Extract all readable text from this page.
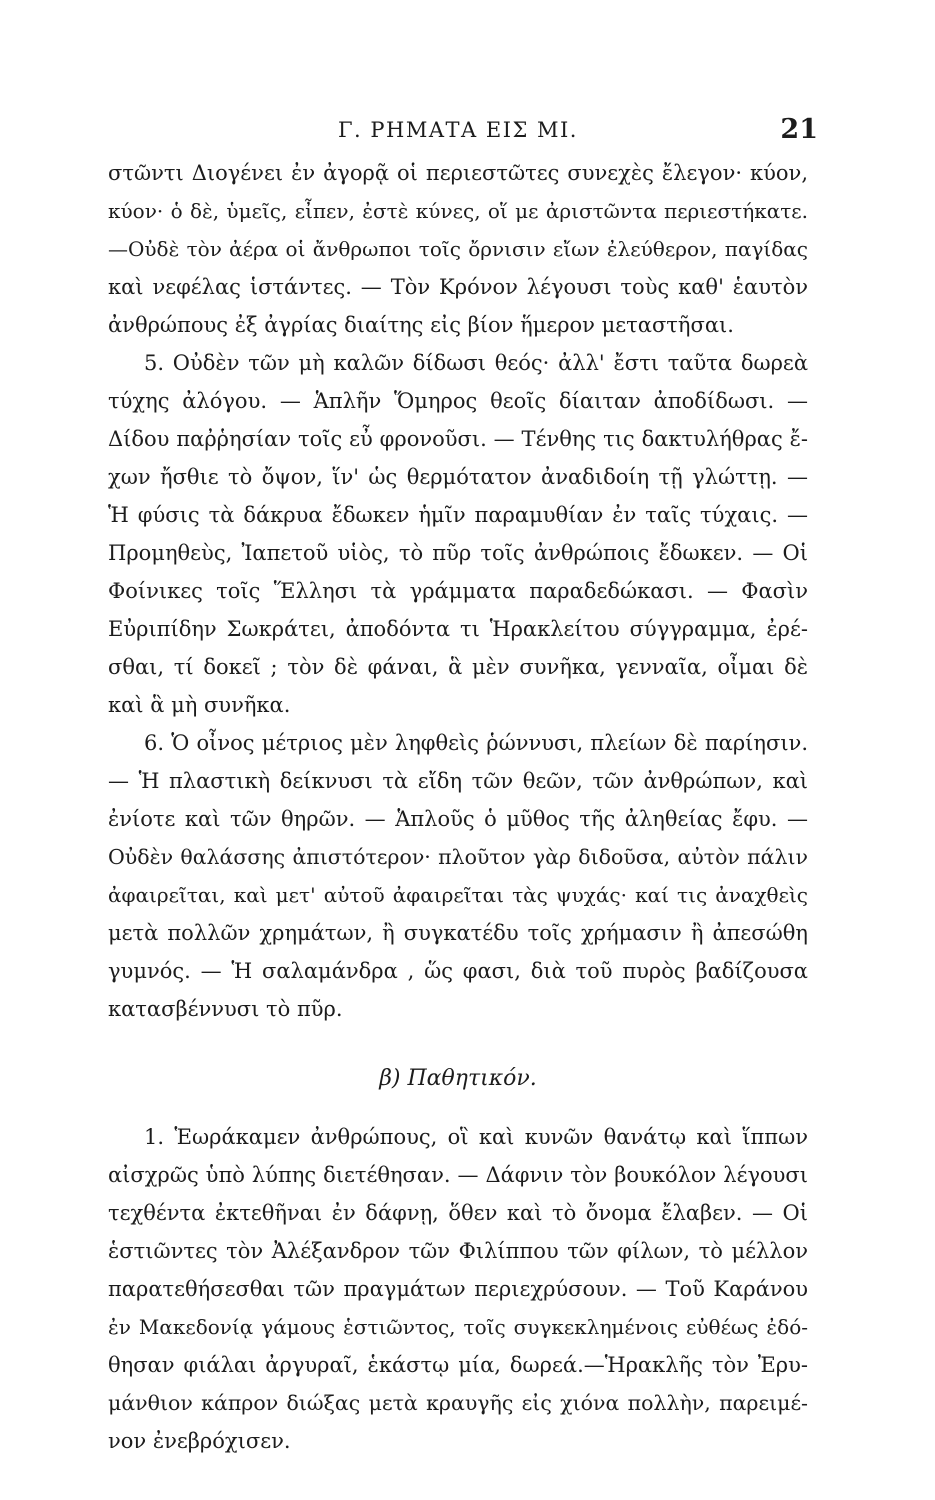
Γ. ΡΗΜΑΤΑ ΕΙΣ ΜΙ.	21
στῶντι Διογένει ἐν ἀγορᾷ οἱ περιεστῶτες συνεχὲς ἔλεγον· κύον,
κύον· ὁ δὲ, ὑμεῖς, εἶπεν, ἐστὲ κύνες, οἵ με ἀριστῶντα περιεστήκατε.
—Οὐδὲ τὸν ἀέρα οἱ ἄνθρωποι τοῖς ὄρνισιν εἴων ἐλεύθερον, παγίδας
καὶ νεφέλας ἱστάντες. — Τὸν Κρόνον λέγουσι τοὺς καθ' ἑαυτὸν
ἀνθρώπους ἐξ ἀγρίας διαίτης εἰς βίον ἥμερον μεταστῆσαι.
5. Οὐδὲν τῶν μὴ καλῶν δίδωσι θεός· ἀλλ' ἔστι ταῦτα δωρεὰ
τύχης ἀλόγου. — Ἁπλῆν Ὅμηρος θεοῖς δίαιταν ἀποδίδωσι. —
Δίδου παῤῥησίαν τοῖς εὖ φρονοῦσι. — Τένθης τις δακτυλήθρας ἔ-
χων ἤσθιε τὸ ὄψον, ἵν' ὡς θερμότατον ἀναδιδοίη τῇ γλώττῃ. —
Ἡ φύσις τὰ δάκρυα ἔδωκεν ἡμῖν παραμυθίαν ἐν ταῖς τύχαις. —
Προμηθεὺς, Ἰαπετοῦ υἱὸς, τὸ πῦρ τοῖς ἀνθρώποις ἔδωκεν. — Οἱ
Φοίνικες τοῖς Ἕλλησι τὰ γράμματα παραδεδώκασι. — Φασὶν
Εὐριπίδην Σωκράτει, ἀποδόντα τι Ἡρακλείτου σύγγραμμα, ἐρέ-
σθαι, τί δοκεῖ ; τὸν δὲ φάναι, ἃ μὲν συνῆκα, γενναῖα, οἶμαι δὲ
καὶ ἃ μὴ συνῆκα.
6. Ὁ οἶνος μέτριος μὲν ληφθεὶς ῥώννυσι, πλείων δὲ παρίησιν.
— Ἡ πλαστικὴ δείκνυσι τὰ εἴδη τῶν θεῶν, τῶν ἀνθρώπων, καὶ
ἐνίοτε καὶ τῶν θηρῶν. — Ἁπλοῦς ὁ μῦθος τῆς ἀληθείας ἔφυ. —
Οὐδὲν θαλάσσης ἀπιστότερον· πλοῦτον γὰρ διδοῦσα, αὐτὸν πάλιν
ἀφαιρεῖται, καὶ μετ' αὐτοῦ ἀφαιρεῖται τὰς ψυχάς· καί τις ἀναχθεὶς
μετὰ πολλῶν χρημάτων, ἢ συγκατέδυ τοῖς χρήμασιν ἢ ἀπεσώθη
γυμνός. — Ἡ σαλαμάνδρα , ὥς φασι, διὰ τοῦ πυρὸς βαδίζουσα
κατασβέννυσι τὸ πῦρ.
β) Παθητικόν.
1. Ἑωράκαμεν ἀνθρώπους, οἳ καὶ κυνῶν θανάτῳ καὶ ἵππων
αἰσχρῶς ὑπὸ λύπης διετέθησαν. — Δάφνιν τὸν βουκόλον λέγουσι
τεχθέντα ἐκτεθῆναι ἐν δάφνῃ, ὅθεν καὶ τὸ ὄνομα ἔλαβεν. — Οἱ
ἑστιῶντες τὸν Ἀλέξανδρον τῶν Φιλίππου τῶν φίλων, τὸ μέλλον
παρατεθήσεσθαι τῶν πραγμάτων περιεχρύσουν. — Τοῦ Καράνου
ἐν Μακεδονίᾳ γάμους ἑστιῶντος, τοῖς συγκεκλημένοις εὐθέως ἐδό-
θησαν φιάλαι ἀργυραῖ, ἑκάστῳ μία, δωρεά.—Ἡρακλῆς τὸν Ἐρυ-
μάνθιον κάπρον διώξας μετὰ κραυγῆς εἰς χιόνα πολλὴν, παρειμέ-
νον ἐνεβρόχισεν.
